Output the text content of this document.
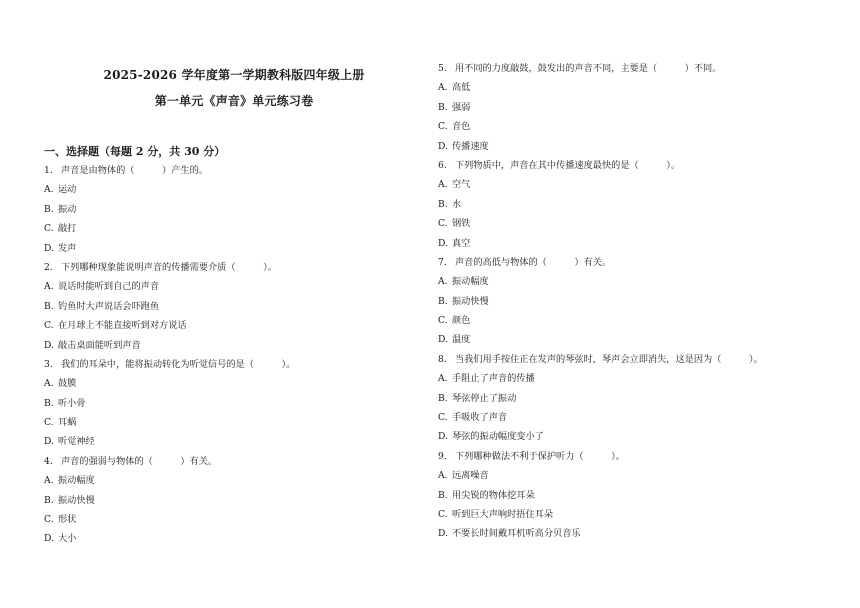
2025-2026 学年度第一学期教科版四年级上册
第一单元《声音》单元练习卷
一、选择题（每题 2 分，共 30 分）
1. 声音是由物体的（　　　）产生的。
A. 运动
B. 振动
C. 敲打
D. 发声
2. 下列哪种现象能说明声音的传播需要介质（　　　）。
A. 说话时能听到自己的声音
B. 钓鱼时大声说话会吓跑鱼
C. 在月球上不能直接听到对方说话
D. 敲击桌面能听到声音
3. 我们的耳朵中，能将振动转化为听觉信号的是（　　　）。
A. 鼓膜
B. 听小骨
C. 耳蜗
D. 听觉神经
4. 声音的强弱与物体的（　　　）有关。
A. 振动幅度
B. 振动快慢
C. 形状
D. 大小
5. 用不同的力度敲鼓，鼓发出的声音不同，主要是（　　　）不同。
A. 高低
B. 强弱
C. 音色
D. 传播速度
6. 下列物质中，声音在其中传播速度最快的是（　　　）。
A. 空气
B. 水
C. 钢铁
D. 真空
7. 声音的高低与物体的（　　　）有关。
A. 振动幅度
B. 振动快慢
C. 颜色
D. 温度
8. 当我们用手按住正在发声的琴弦时，琴声会立即消失，这是因为（　　　）。
A. 手阻止了声音的传播
B. 琴弦停止了振动
C. 手吸收了声音
D. 琴弦的振动幅度变小了
9. 下列哪种做法不利于保护听力（　　　）。
A. 远离噪音
B. 用尖锐的物体挖耳朵
C. 听到巨大声响时捂住耳朵
D. 不要长时间戴耳机听高分贝音乐
